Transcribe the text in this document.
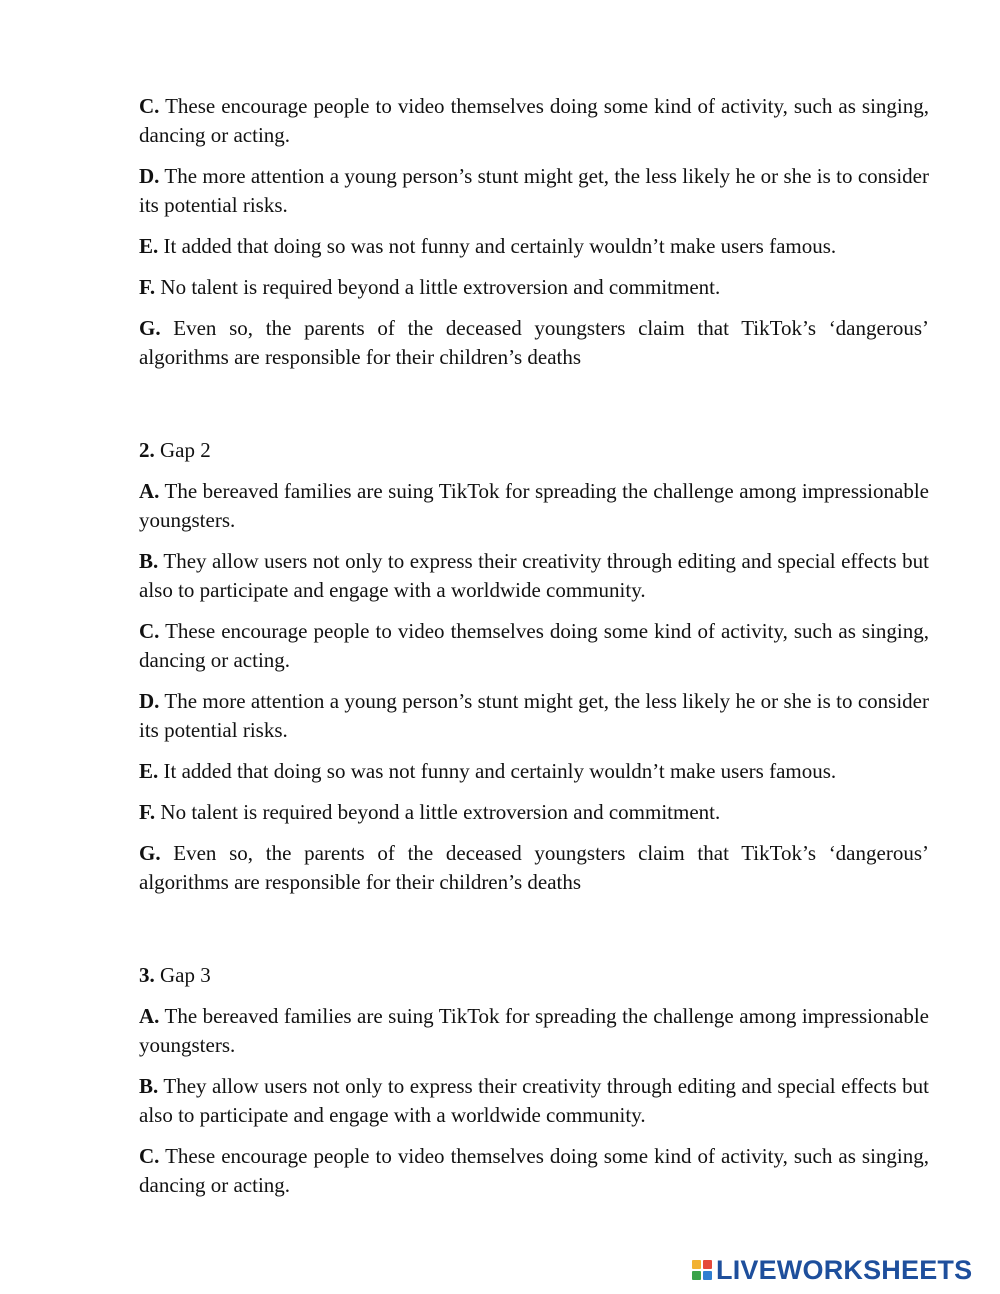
C. These encourage people to video themselves doing some kind of activity, such as singing, dancing or acting.

D. The more attention a young person’s stunt might get, the less likely he or she is to consider its potential risks.

E. It added that doing so was not funny and certainly wouldn’t make users famous.

F. No talent is required beyond a little extroversion and commitment.

G. Even so, the parents of the deceased youngsters claim that TikTok’s ‘dangerous’ algorithms are responsible for their children’s deaths

2. Gap 2

A. The bereaved families are suing TikTok for spreading the challenge among impressionable youngsters.

B. They allow users not only to express their creativity through editing and special effects but also to participate and engage with a worldwide community.

C. These encourage people to video themselves doing some kind of activity, such as singing, dancing or acting.

D. The more attention a young person’s stunt might get, the less likely he or she is to consider its potential risks.

E. It added that doing so was not funny and certainly wouldn’t make users famous.

F. No talent is required beyond a little extroversion and commitment.

G. Even so, the parents of the deceased youngsters claim that TikTok’s ‘dangerous’ algorithms are responsible for their children’s deaths

3. Gap 3

A. The bereaved families are suing TikTok for spreading the challenge among impressionable youngsters.

B. They allow users not only to express their creativity through editing and special effects but also to participate and engage with a worldwide community.

C. These encourage people to video themselves doing some kind of activity, such as singing, dancing or acting.

LIVEWORKSHEETS
